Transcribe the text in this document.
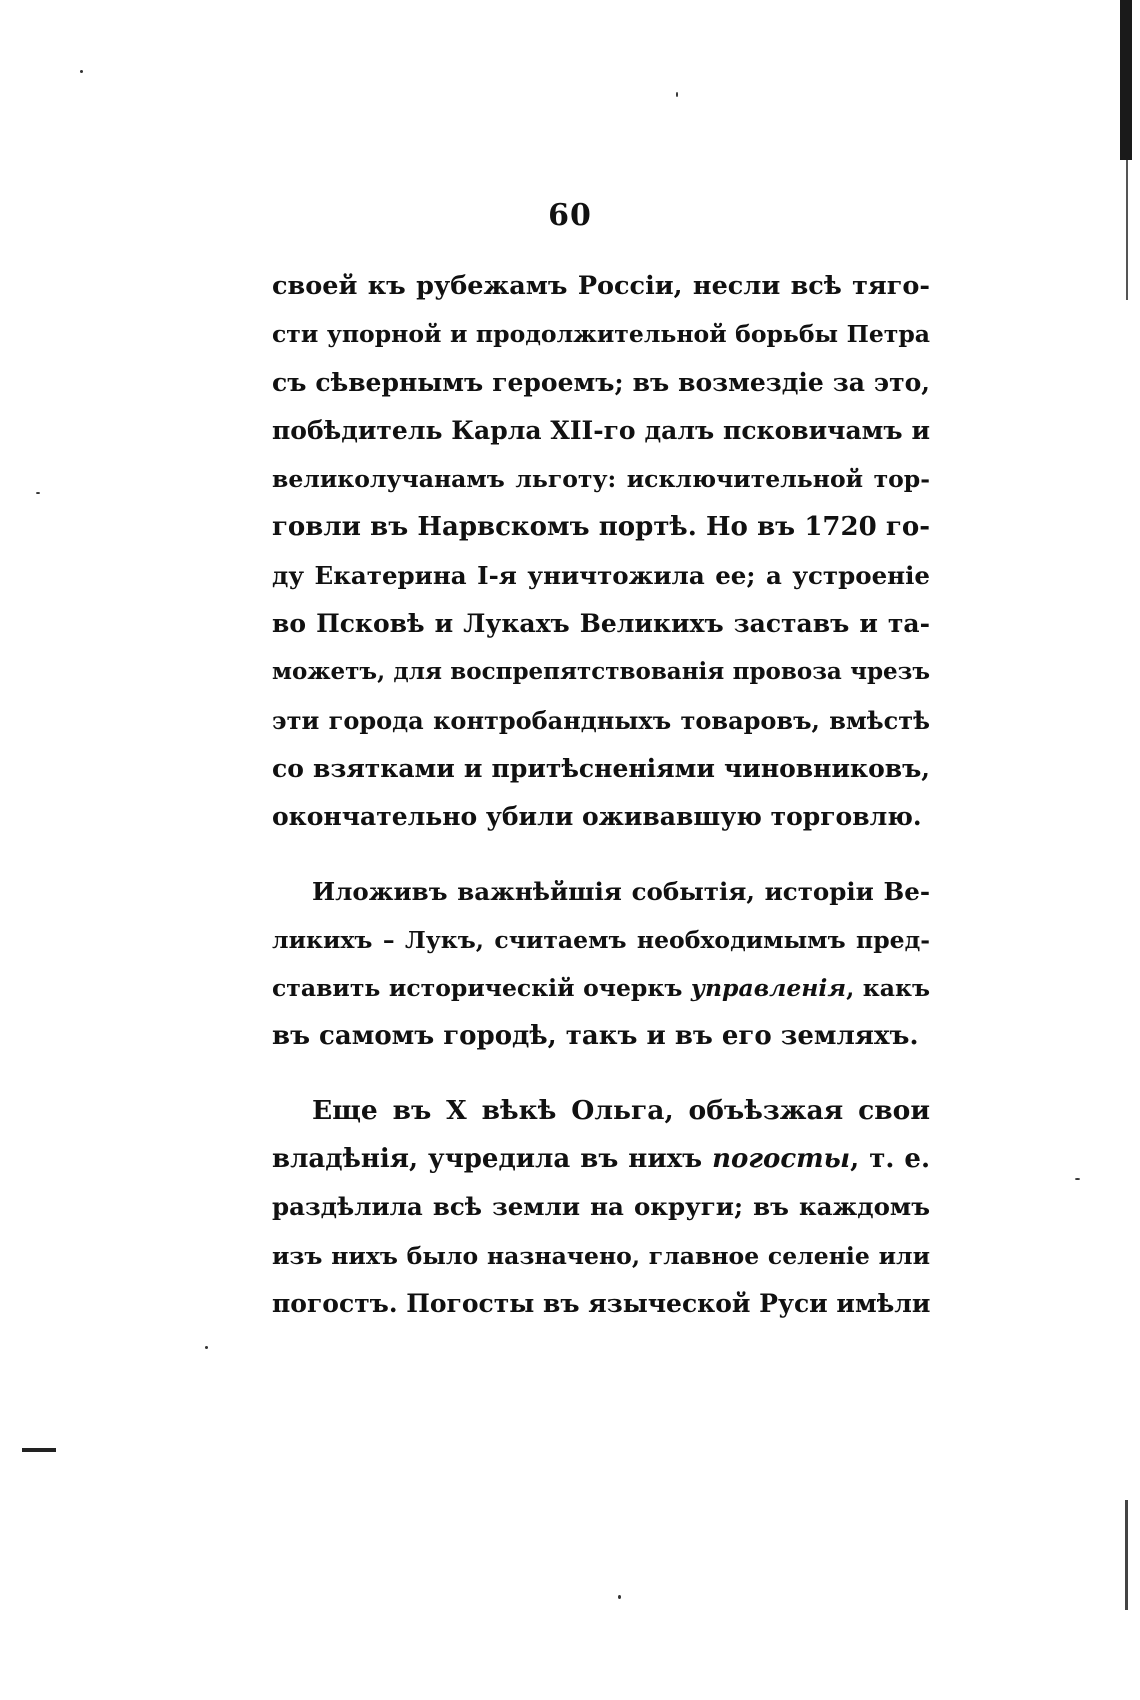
60
своей къ рубежамъ Россіи, несли всѣ тяго-
сти упорной и продолжительной борьбы Петра
съ сѣвернымъ героемъ; въ возмездіе за это,
побѣдитель Карла XII-го далъ псковичамъ и
великолучанамъ льготу: исключительной тор-
говли въ Нарвскомъ портѣ. Но въ 1720 го-
ду Екатерина I-я уничтожила ее; а устроеніе
во Псковѣ и Лукахъ Великихъ заставъ и та-
можетъ, для воспрепятствованія провоза чрезъ
эти города контробандныхъ товаровъ, вмѣстѣ
со взятками и притѣсненіями чиновниковъ,
окончательно убили оживавшую торговлю.
Иложивъ важнѣйшія событія, исторіи Ве-
ликихъ – Лукъ, считаемъ необходимымъ пред-
ставить историческій очеркъ управленія, какъ
въ самомъ городѣ, такъ и въ его земляхъ.
Еще въ X вѣкѣ Ольга, объѣзжая свои
владѣнія, учредила въ нихъ погосты, т. е.
раздѣлила всѣ земли на округи; въ каждомъ
изъ нихъ было назначено, главное селеніе или
погостъ. Погосты въ языческой Руси имѣли
